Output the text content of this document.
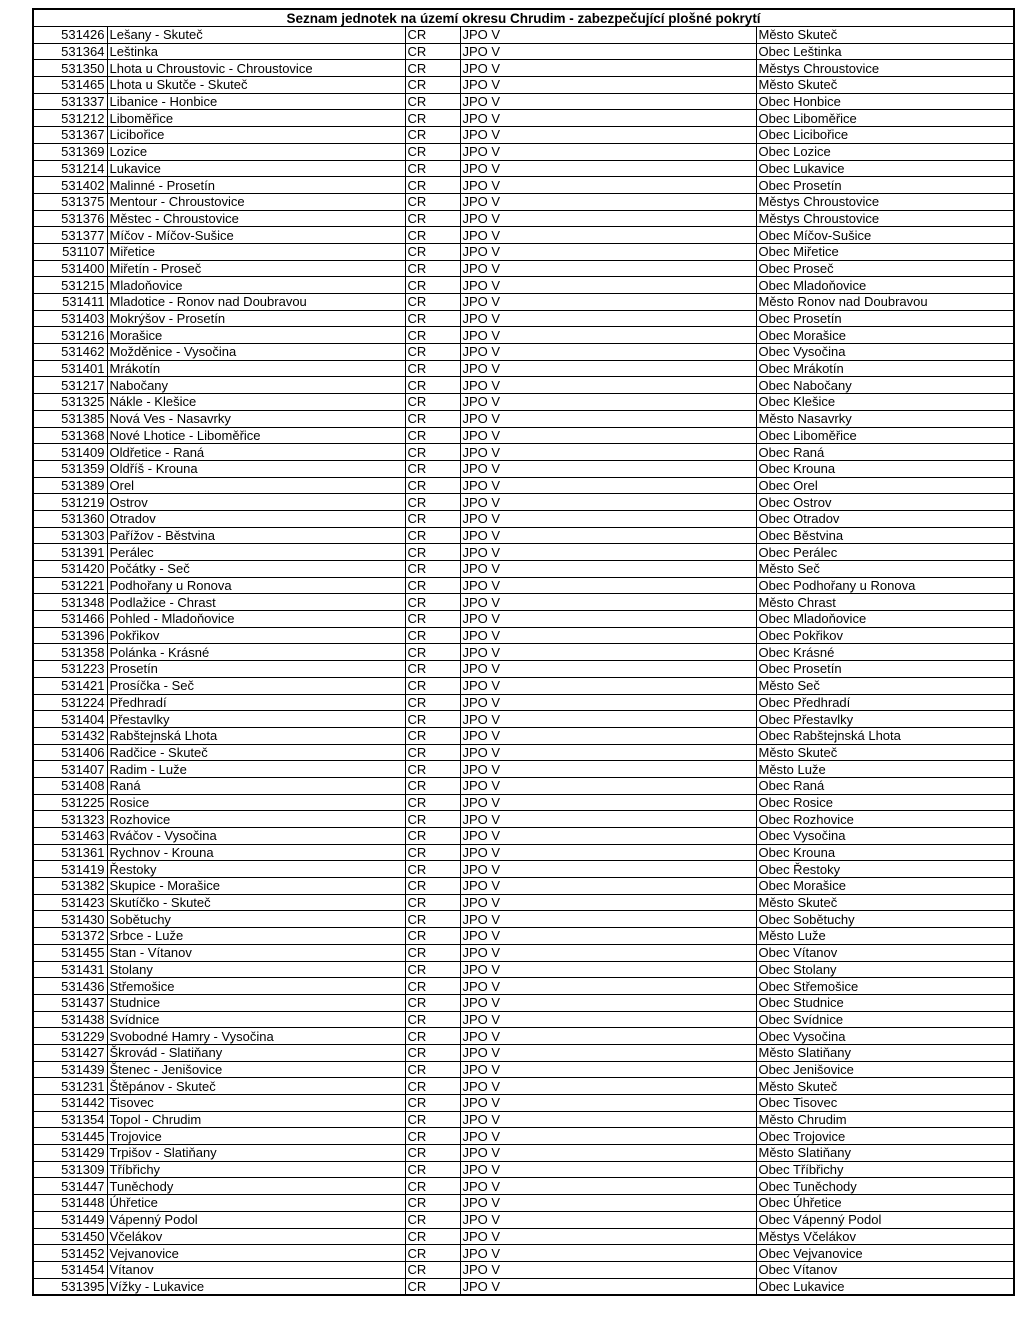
Seznam jednotek na území okresu Chrudim - zabezpečující plošné pokrytí				
531426	Lešany - Skuteč	CR	JPO V	Město Skuteč
531364	Leštinka	CR	JPO V	Obec Leštinka
531350	Lhota u Chroustovic - Chroustovice	CR	JPO V	Městys Chroustovice
531465	Lhota u Skutče - Skuteč	CR	JPO V	Město Skuteč
531337	Libanice - Honbice	CR	JPO V	Obec Honbice
531212	Liboměřice	CR	JPO V	Obec Liboměřice
531367	Licibořice	CR	JPO V	Obec Licibořice
531369	Lozice	CR	JPO V	Obec Lozice
531214	Lukavice	CR	JPO V	Obec Lukavice
531402	Malinné - Prosetín	CR	JPO V	Obec Prosetín
531375	Mentour - Chroustovice	CR	JPO V	Městys Chroustovice
531376	Městec - Chroustovice	CR	JPO V	Městys Chroustovice
531377	Míčov - Míčov-Sušice	CR	JPO V	Obec Míčov-Sušice
531107	Miřetice	CR	JPO V	Obec Miřetice
531400	Miřetín - Proseč	CR	JPO V	Obec Proseč
531215	Mladoňovice	CR	JPO V	Obec Mladoňovice
531411	Mladotice - Ronov nad Doubravou	CR	JPO V	Město Ronov nad Doubravou
531403	Mokrýšov - Prosetín	CR	JPO V	Obec Prosetín
531216	Morašice	CR	JPO V	Obec Morašice
531462	Možděnice - Vysočina	CR	JPO V	Obec Vysočina
531401	Mrákotín	CR	JPO V	Obec Mrákotín
531217	Nabočany	CR	JPO V	Obec Nabočany
531325	Nákle - Klešice	CR	JPO V	Obec Klešice
531385	Nová Ves - Nasavrky	CR	JPO V	Město Nasavrky
531368	Nové Lhotice - Liboměřice	CR	JPO V	Obec Liboměřice
531409	Oldřetice - Raná	CR	JPO V	Obec Raná
531359	Oldříš - Krouna	CR	JPO V	Obec Krouna
531389	Orel	CR	JPO V	Obec Orel
531219	Ostrov	CR	JPO V	Obec Ostrov
531360	Otradov	CR	JPO V	Obec Otradov
531303	Pařížov - Běstvina	CR	JPO V	Obec Běstvina
531391	Perálec	CR	JPO V	Obec Perálec
531420	Počátky - Seč	CR	JPO V	Město Seč
531221	Podhořany u Ronova	CR	JPO V	Obec Podhořany u Ronova
531348	Podlažice - Chrast	CR	JPO V	Město Chrast
531466	Pohled - Mladoňovice	CR	JPO V	Obec Mladoňovice
531396	Pokřikov	CR	JPO V	Obec Pokřikov
531358	Polánka - Krásné	CR	JPO V	Obec Krásné
531223	Prosetín	CR	JPO V	Obec Prosetín
531421	Prosíčka - Seč	CR	JPO V	Město Seč
531224	Předhradí	CR	JPO V	Obec Předhradí
531404	Přestavlky	CR	JPO V	Obec Přestavlky
531432	Rabštejnská Lhota	CR	JPO V	Obec Rabštejnská Lhota
531406	Radčice - Skuteč	CR	JPO V	Město Skuteč
531407	Radim - Luže	CR	JPO V	Město Luže
531408	Raná	CR	JPO V	Obec Raná
531225	Rosice	CR	JPO V	Obec Rosice
531323	Rozhovice	CR	JPO V	Obec Rozhovice
531463	Rváčov - Vysočina	CR	JPO V	Obec Vysočina
531361	Rychnov - Krouna	CR	JPO V	Obec Krouna
531419	Řestoky	CR	JPO V	Obec Řestoky
531382	Skupice - Morašice	CR	JPO V	Obec Morašice
531423	Skutíčko - Skuteč	CR	JPO V	Město Skuteč
531430	Sobětuchy	CR	JPO V	Obec Sobětuchy
531372	Srbce - Luže	CR	JPO V	Město Luže
531455	Stan - Vítanov	CR	JPO V	Obec Vítanov
531431	Stolany	CR	JPO V	Obec Stolany
531436	Střemošice	CR	JPO V	Obec Střemošice
531437	Studnice	CR	JPO V	Obec Studnice
531438	Svídnice	CR	JPO V	Obec Svídnice
531229	Svobodné Hamry - Vysočina	CR	JPO V	Obec Vysočina
531427	Škrovád - Slatiňany	CR	JPO V	Město Slatiňany
531439	Štenec - Jenišovice	CR	JPO V	Obec Jenišovice
531231	Štěpánov - Skuteč	CR	JPO V	Město Skuteč
531442	Tisovec	CR	JPO V	Obec Tisovec
531354	Topol - Chrudim	CR	JPO V	Město Chrudim
531445	Trojovice	CR	JPO V	Obec Trojovice
531429	Trpišov - Slatiňany	CR	JPO V	Město Slatiňany
531309	Tříbřichy	CR	JPO V	Obec Tříbřichy
531447	Tuněchody	CR	JPO V	Obec Tuněchody
531448	Úhřetice	CR	JPO V	Obec Úhřetice
531449	Vápenný Podol	CR	JPO V	Obec Vápenný Podol
531450	Včelákov	CR	JPO V	Městys Včelákov
531452	Vejvanovice	CR	JPO V	Obec Vejvanovice
531454	Vítanov	CR	JPO V	Obec Vítanov
531395	Vížky - Lukavice	CR	JPO V	Obec Lukavice
